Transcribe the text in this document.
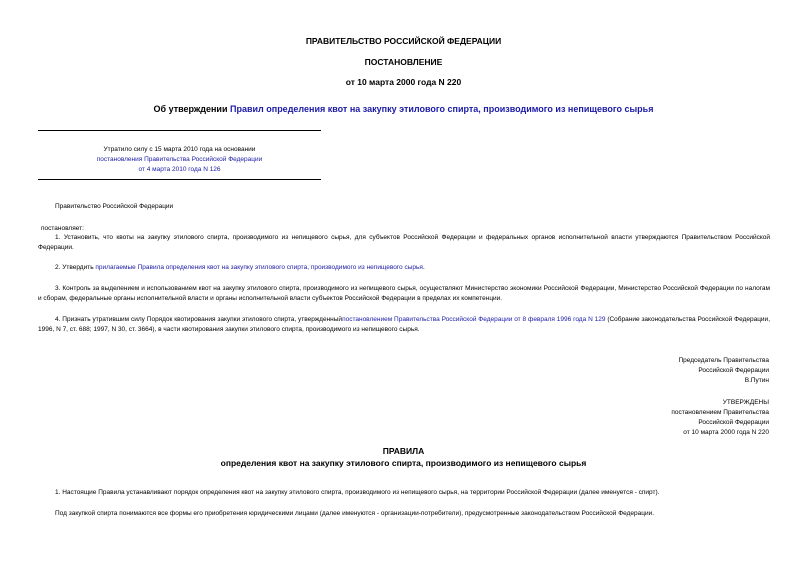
ПРАВИТЕЛЬСТВО РОССИЙСКОЙ ФЕДЕРАЦИИ
ПОСТАНОВЛЕНИЕ
от 10 марта 2000 года N 220
Об утверждении Правил определения квот на закупку этилового спирта, производимого из непищевого сырья
Утратило силу с 15 марта 2010 года на основании
постановления Правительства Российской Федерации
от 4 марта 2010 года N 126
Правительство Российской Федерации
постановляет:
1. Установить, что квоты на закупку этилового спирта, производимого из непищевого сырья, для субъектов Российской Федерации и федеральных органов исполнительной власти утверждаются Правительством Российской Федерации.
2. Утвердить прилагаемые Правила определения квот на закупку этилового спирта, производимого из непищевого сырья.
3. Контроль за выделением и использованием квот на закупку этилового спирта, производимого из непищевого сырья, осуществляют Министерство экономики Российской Федерации, Министерство Российской Федерации по налогам и сборам, федеральные органы исполнительной власти и органы исполнительной власти субъектов Российской Федерации в пределах их компетенции.
4. Признать утратившим силу Порядок квотирования закупки этилового спирта, утвержденныйпостановлением Правительства Российской Федерации от 8 февраля 1996 года N 129 (Собрание законодательства Российской Федерации, 1996, N 7, ст. 688; 1997, N 30, ст. 3664), в части квотирования закупки этилового спирта, производимого из непищевого сырья.
Председатель Правительства
Российской Федерации
В.Путин
УТВЕРЖДЕНЫ
постановлением Правительства
Российской Федерации
от 10 марта 2000 года N 220
ПРАВИЛА
определения квот на закупку этилового спирта, производимого из непищевого сырья
1. Настоящие Правила устанавливают порядок определения квот на закупку этилового спирта, производимого из непищевого сырья, на территории Российской Федерации (далее именуется - спирт).
Под закупкой спирта понимаются все формы его приобретения юридическими лицами (далее именуются - организации-потребители), предусмотренные законодательством Российской Федерации.
